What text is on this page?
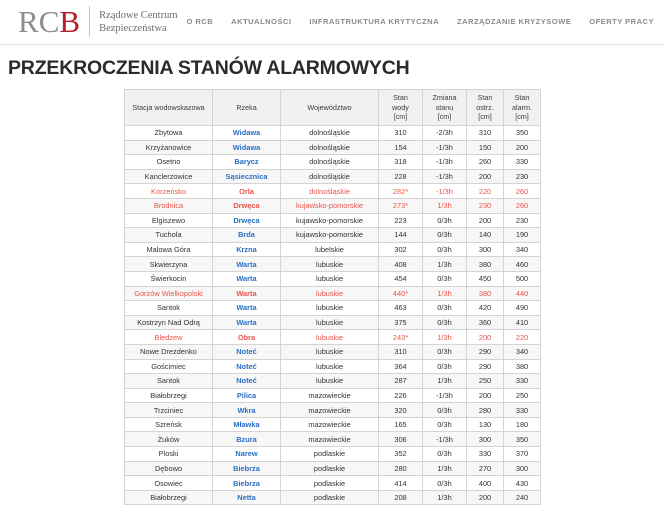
RCB	Rządowe Centrum
Bezpieczeństwa
O RCB AKTUALNOŚCI INFRASTRUKTURA KRYTYCZNA ZARZĄDZANIE KRYZYSOWE OFERTY PRACY
PRZEKROCZENIA STANÓW ALARMOWYCH
Stacja wodowskazowa	Rzeka	Województwo	Stan
wody
[cm]	Zmiana
stanu
[cm]	Stan
ostrz.
[cm]	Stan
alarm.
[cm]
Zbytowa	Widawa	dolnośląskie	310	-2/3h	310	350
Krzyżanowice	Widawa	dolnośląskie	154	-1/3h	150	200
Osetno	Barycz	dolnośląskie	318	-1/3h	260	330
Kanclerzowice	Sąsiecznica	dolnośląskie	228	-1/3h	200	230
Korzeńsko	Orla	dolnośląskie	282*	-1/3h	220	260
Brodnica	Drwęca	kujawsko-pomorskie	273*	1/3h	230	260
Elgiszewo	Drwęca	kujawsko-pomorskie	223	0/3h	200	230
Tuchola	Brda	kujawsko-pomorskie	144	0/3h	140	190
Malowa Góra	Krzna	lubelskie	302	0/3h	300	340
Skwierzyna	Warta	lubuskie	408	1/3h	380	460
Świerkocin	Warta	lubuskie	454	0/3h	450	500
Gorzów Wielkopolski	Warta	lubuskie	440*	1/3h	380	440
Santok	Warta	lubuskie	463	0/3h	420	490
Kostrzyn Nad Odrą	Warta	lubuskie	375	0/3h	360	410
Bledzew	Obra	lubuskie	243*	1/3h	200	220
Nowe Drezdenko	Noteć	lubuskie	310	0/3h	290	340
Gościmiec	Noteć	lubuskie	364	0/3h	290	380
Santok	Noteć	lubuskie	287	1/3h	250	330
Białobrzegi	Pilica	mazowieckie	226	-1/3h	200	250
Trzciniec	Wkra	mazowieckie	320	0/3h	280	330
Szreńsk	Mławka	mazowieckie	165	0/3h	130	180
Żuków	Bzura	mazowieckie	306	-1/3h	300	350
Ploski	Narew	podlaskie	352	0/3h	330	370
Dębowo	Biebrza	podlaskie	280	1/3h	270	300
Osowiec	Biebrza	podlaskie	414	0/3h	400	430
Białobrzegi	Netta	podlaskie	208	1/3h	200	240
